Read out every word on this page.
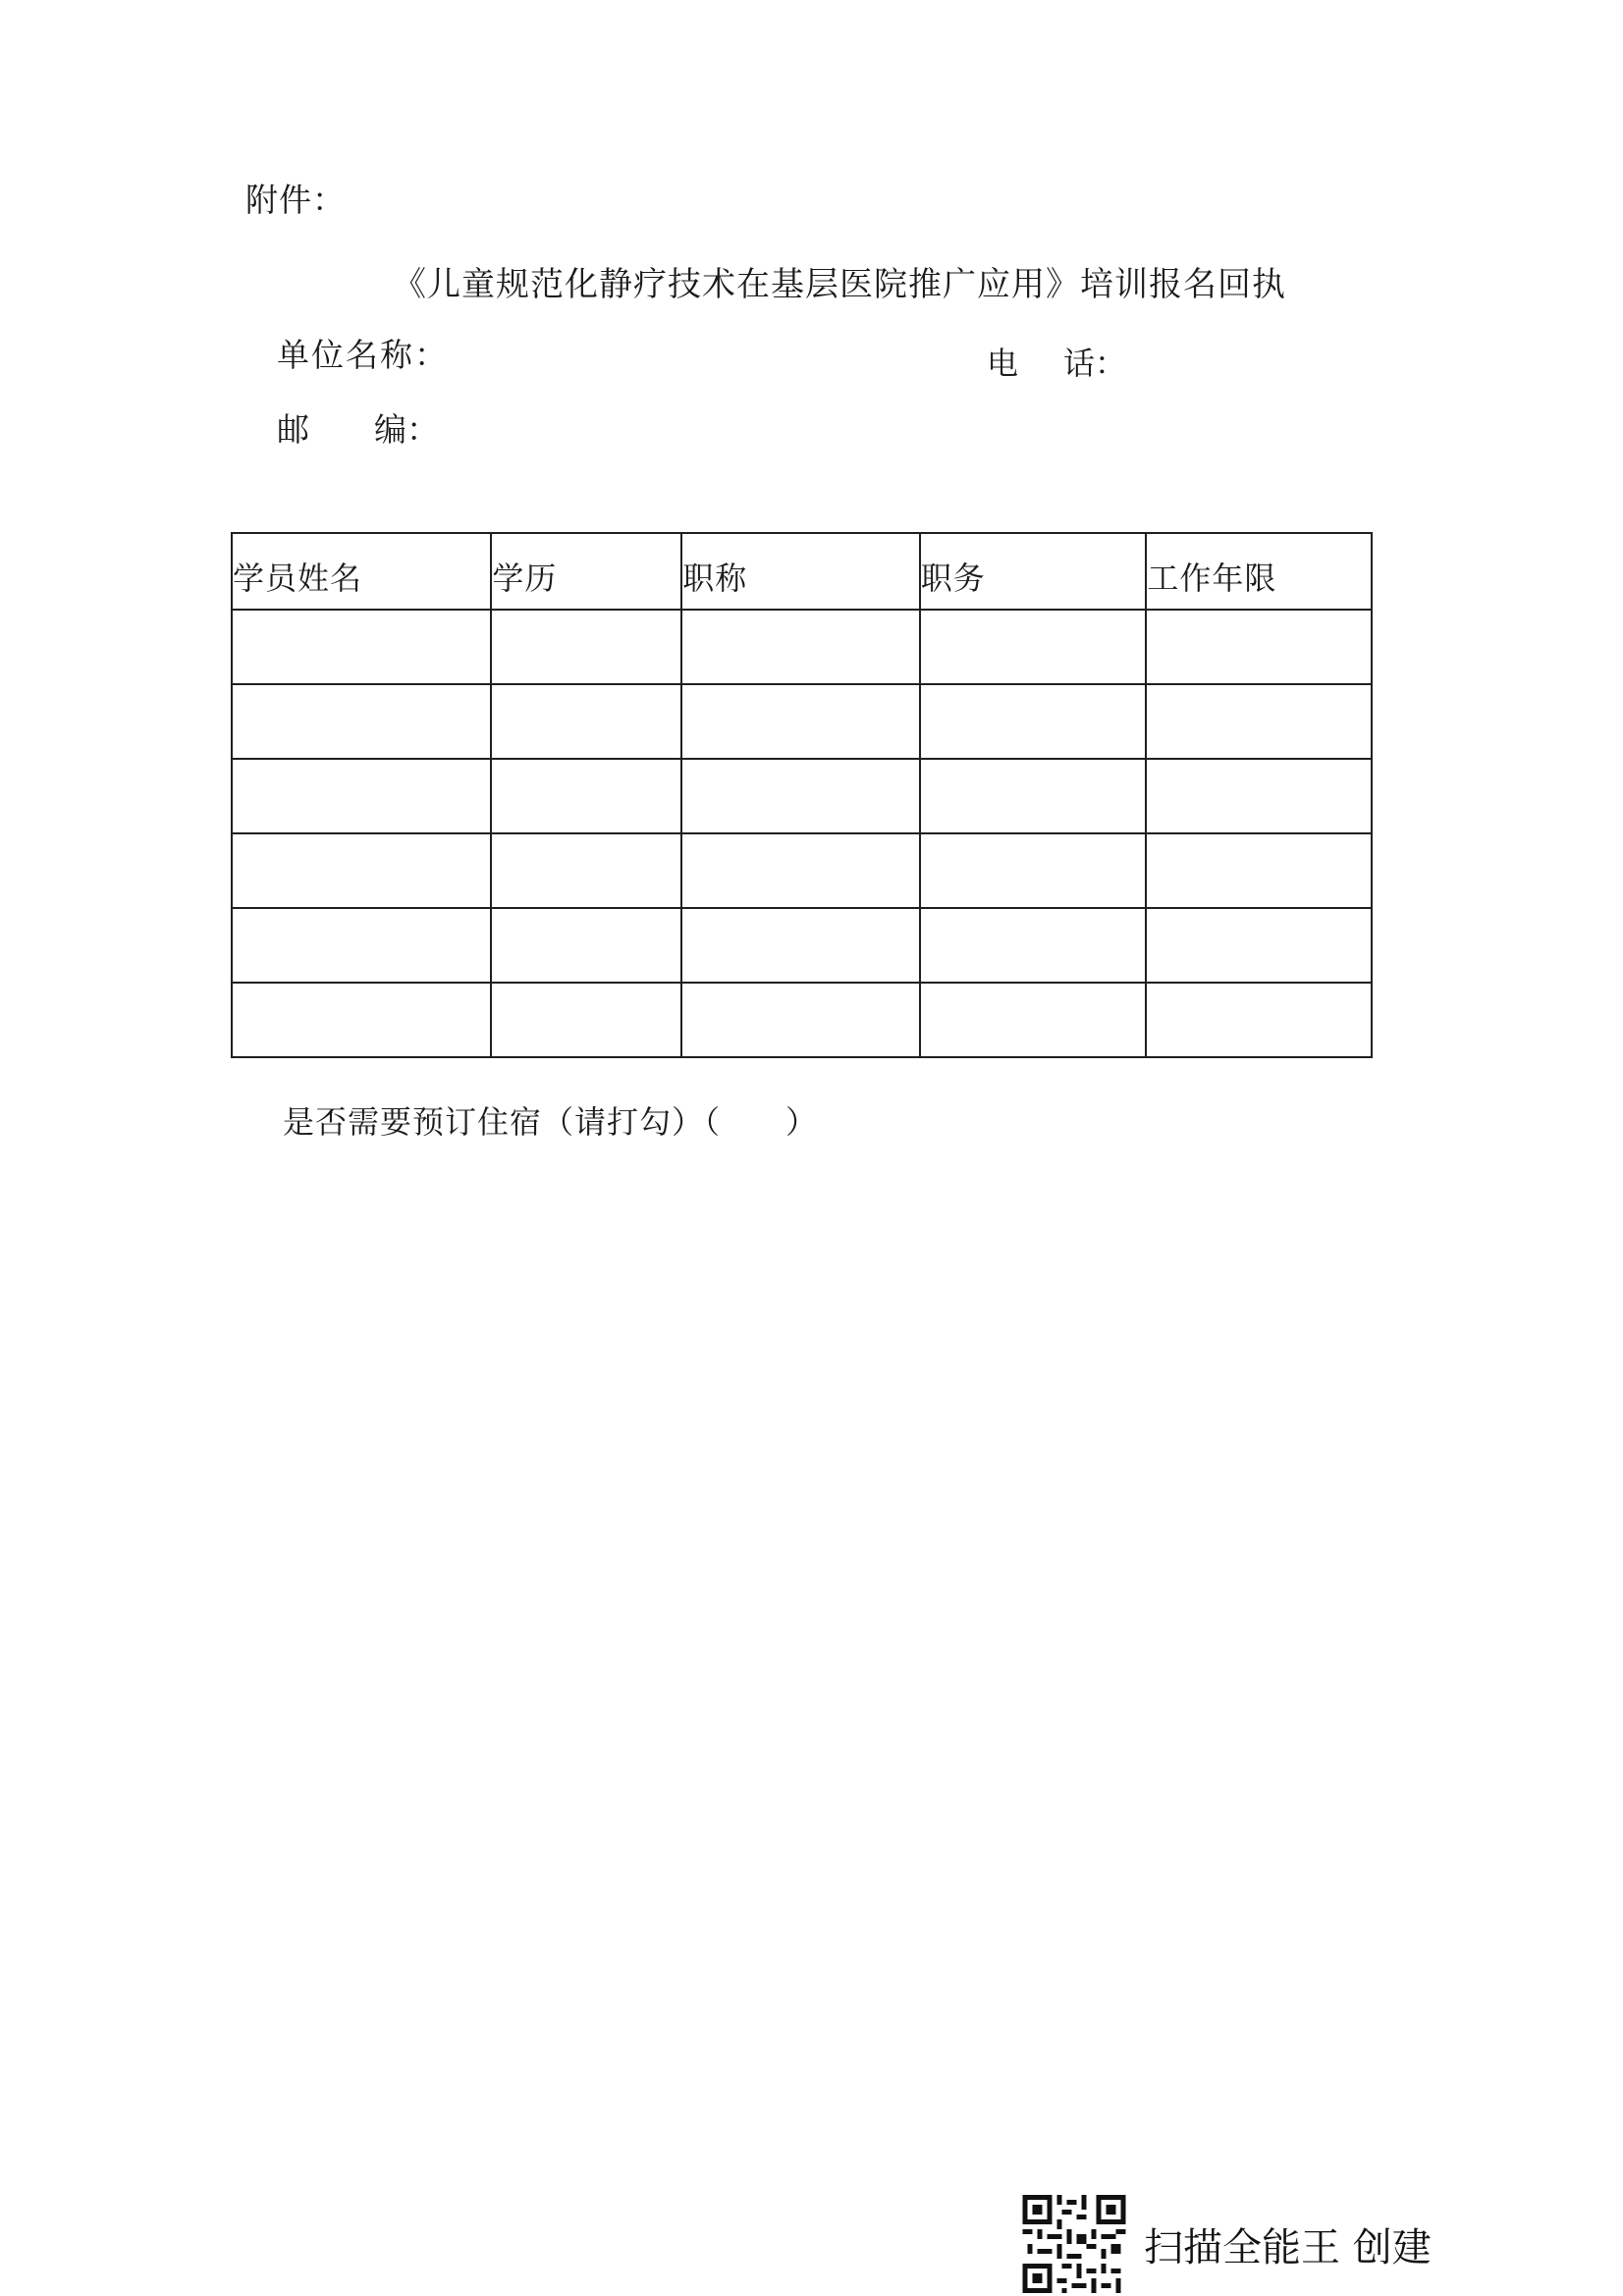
附件：
《儿童规范化静疗技术在基层医院推广应用》培训报名回执
单位名称：	电 话：
邮 编：
学员姓名	学历	职称	职务	工作年限

是否需要预订住宿（请打勾）（　　）
扫描全能王 创建
